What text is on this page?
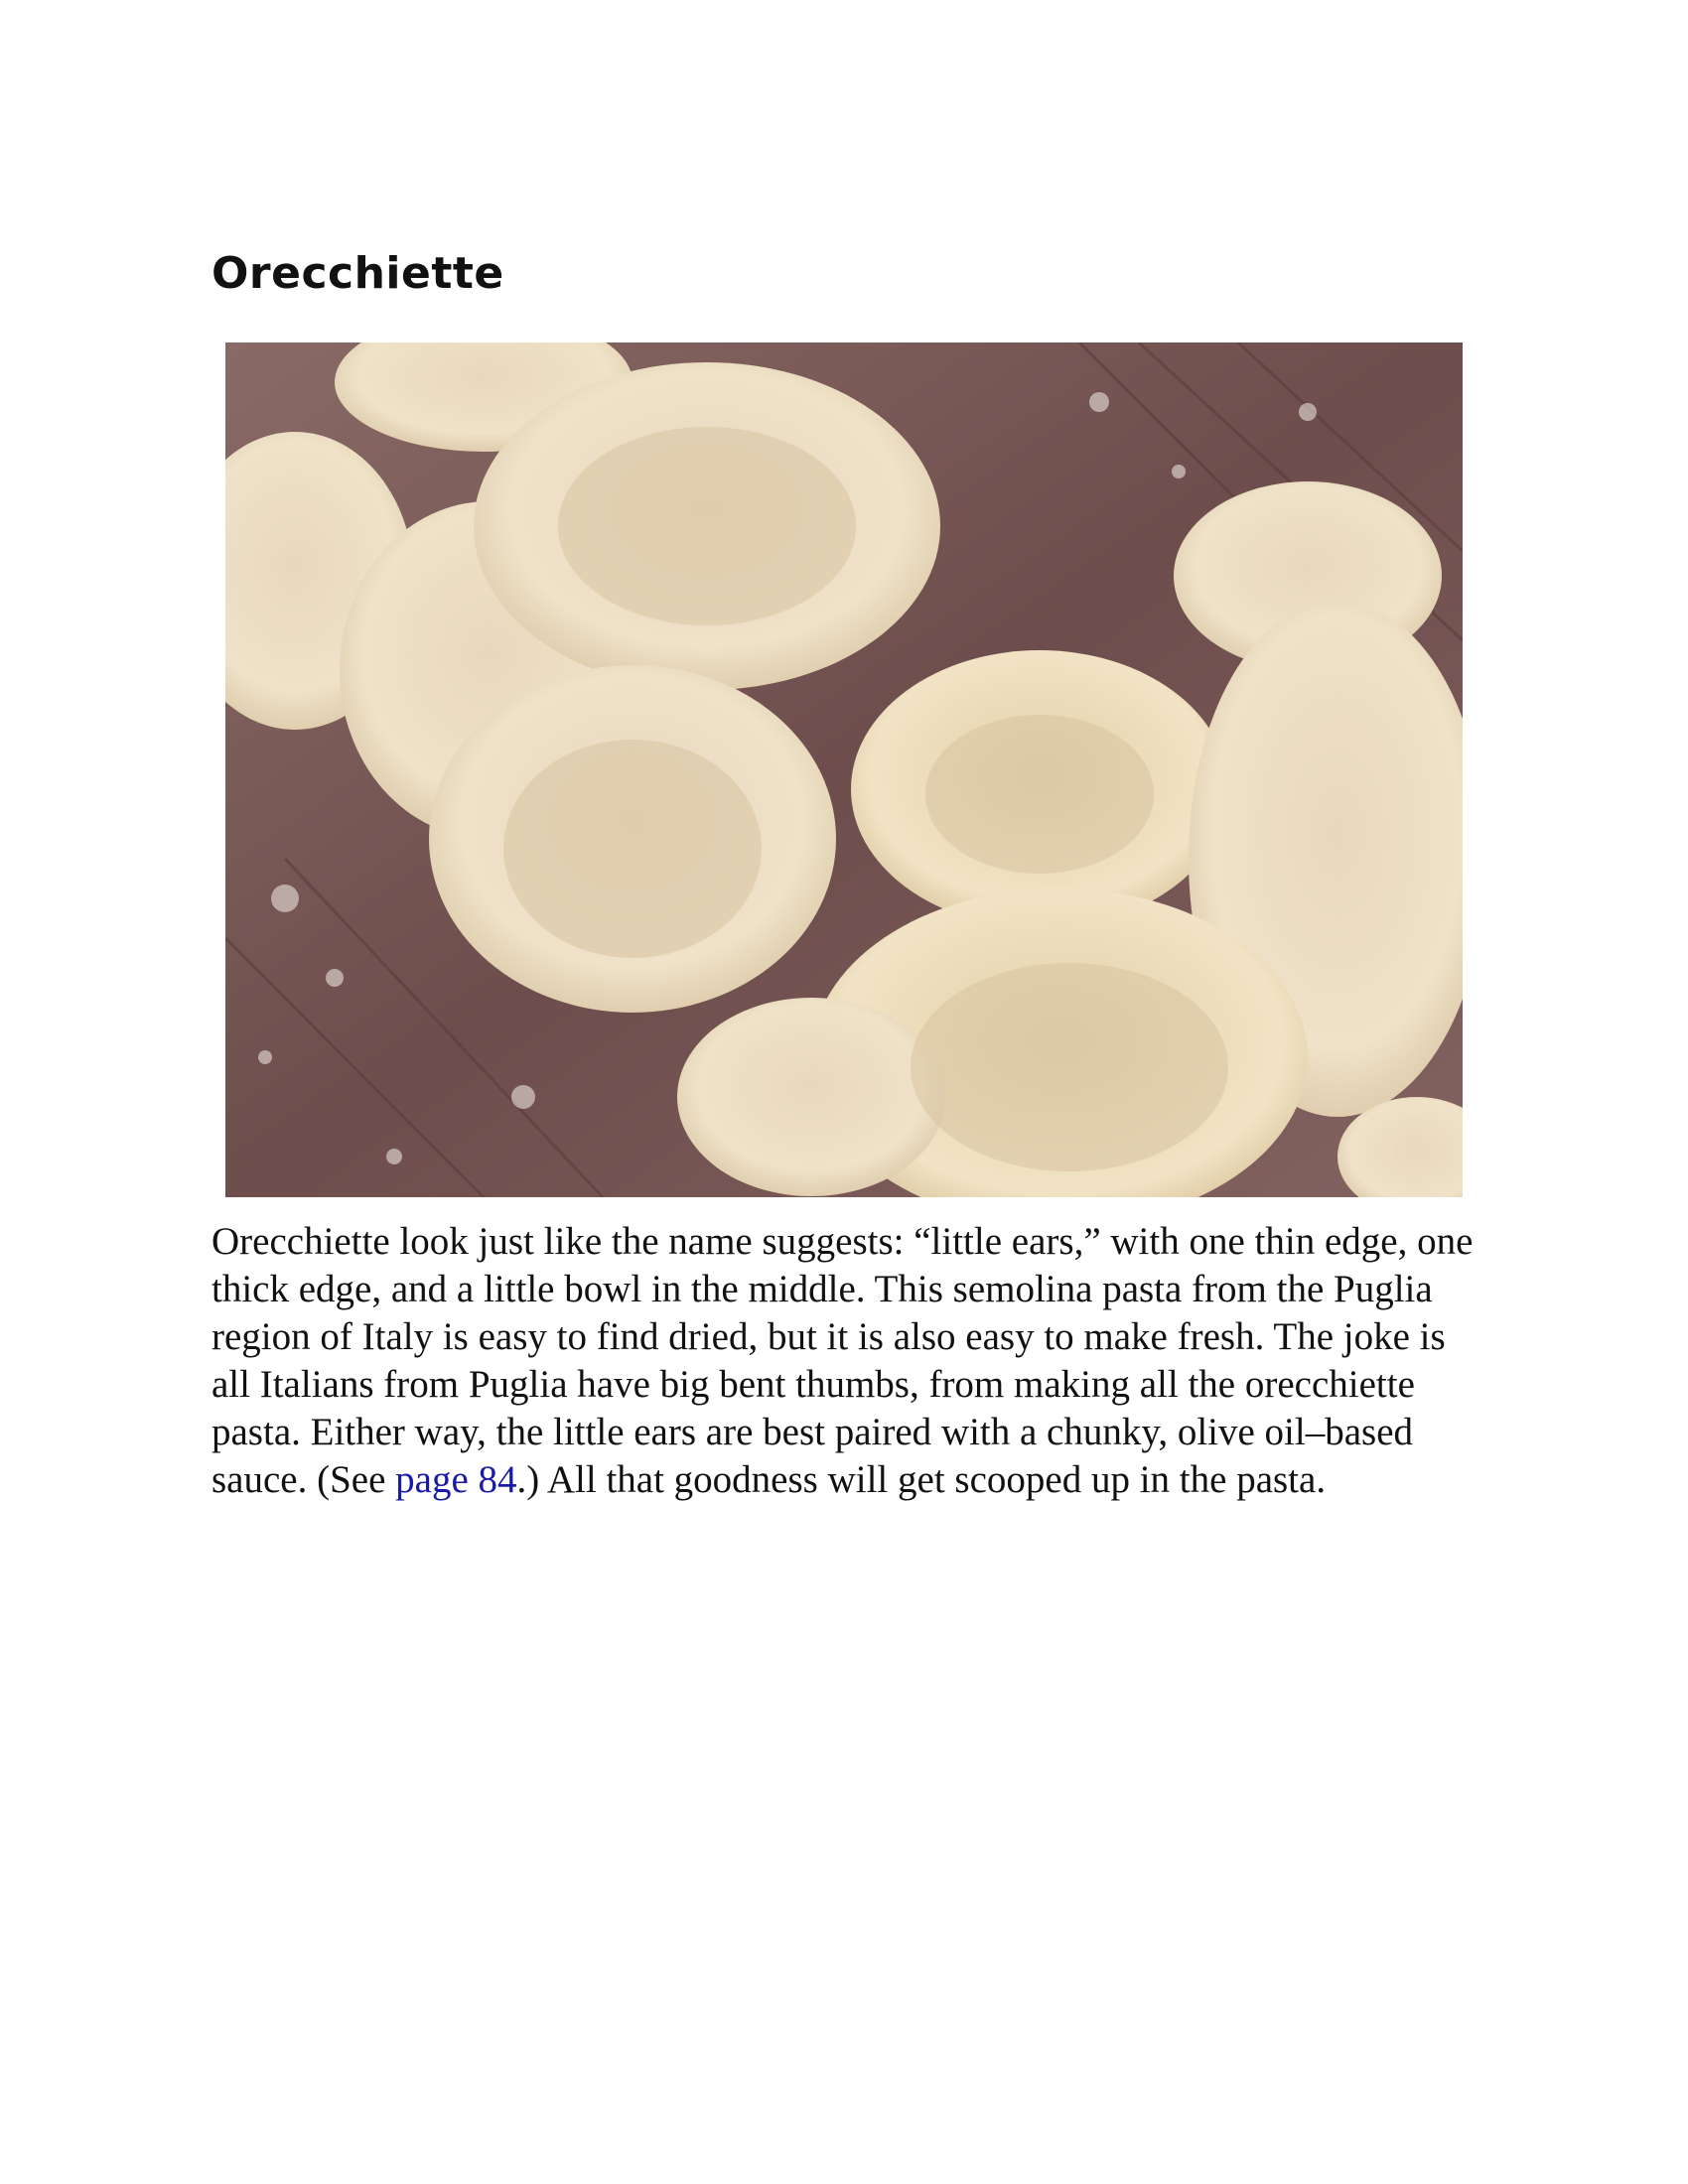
Orecchiette

Orecchiette look just like the name suggests: “little ears,” with one thin edge, one thick edge, and a little bowl in the middle. This semolina pasta from the Puglia region of Italy is easy to find dried, but it is also easy to make fresh. The joke is all Italians from Puglia have big bent thumbs, from making all the orecchiette pasta. Either way, the little ears are best paired with a chunky, olive oil–based sauce. (See page 84.) All that goodness will get scooped up in the pasta.
